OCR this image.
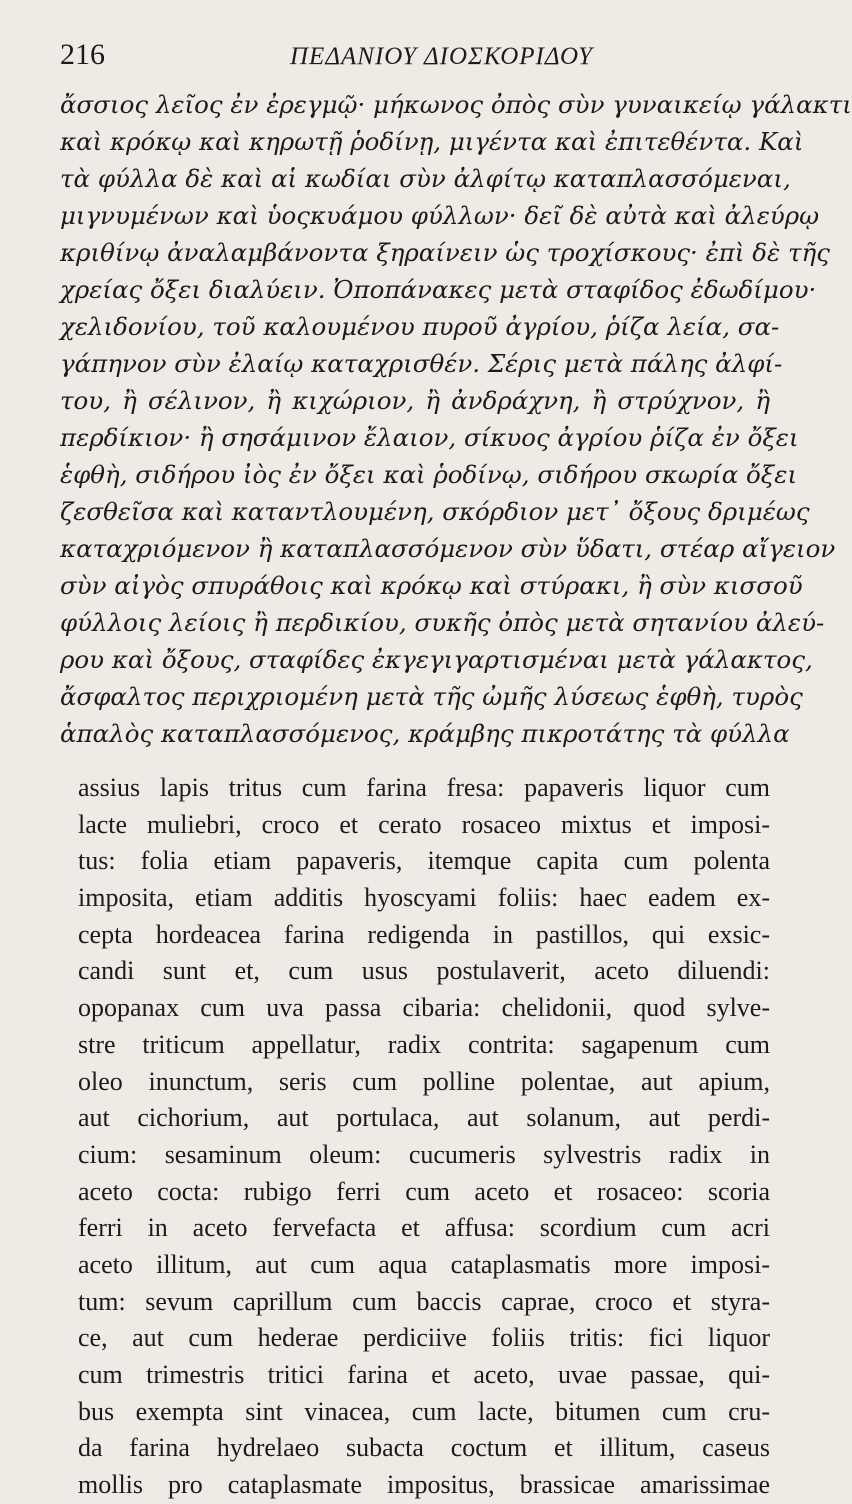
216	ΠΕΔΑΝΙΟΥ ΔΙΟΣΚΟΡΙΔΟΥ
ἄσσιος λεῖος ἐν ἐρεγμῷ· μήκωνος ὀπὸς σὺν γυναικείῳ γάλακτι
καὶ κρόκῳ καὶ κηρωτῇ ῥοδίνῃ, μιγέντα καὶ ἐπιτεθέντα. Καὶ
τὰ φύλλα δὲ καὶ αἱ κωδίαι σὺν ἀλφίτῳ καταπλασσόμεναι,
μιγνυμένων καὶ ὑοςκυάμου φύλλων· δεῖ δὲ αὐτὰ καὶ ἀλεύρῳ
κριθίνῳ ἀναλαμβάνοντα ξηραίνειν ὡς τροχίσκους· ἐπὶ δὲ τῆς
χρείας ὄξει διαλύειν. Ὀποπάνακες μετὰ σταφίδος ἐδωδίμου·
χελιδονίου, τοῦ καλουμένου πυροῦ ἀγρίου, ῥίζα λεία, σα-
γάπηνον σὺν ἐλαίῳ καταχρισθέν. Σέρις μετὰ πάλης ἀλφί-
του, ἢ σέλινον, ἢ κιχώριον, ἢ ἀνδράχνη, ἢ στρύχνον, ἢ
περδίκιον· ἢ σησάμινον ἔλαιον, σίκυος ἀγρίου ῥίζα ἐν ὄξει
ἑφθὴ, σιδήρου ἰὸς ἐν ὄξει καὶ ῥοδίνῳ, σιδήρου σκωρία ὄξει
ζεσθεῖσα καὶ καταντλουμένη, σκόρδιον μετ᾽ ὄξους δριμέως
καταχριόμενον ἢ καταπλασσόμενον σὺν ὕδατι, στέαρ αἴγειον
σὺν αἰγὸς σπυράθοις καὶ κρόκῳ καὶ στύρακι, ἢ σὺν κισσοῦ
φύλλοις λείοις ἢ περδικίου, συκῆς ὀπὸς μετὰ σητανίου ἀλεύ-
ρου καὶ ὄξους, σταφίδες ἐκγεγιγαρτισμέναι μετὰ γάλακτος,
ἄσφαλτος περιχριομένη μετὰ τῆς ὠμῆς λύσεως ἑφθὴ, τυρὸς
ἁπαλὸς καταπλασσόμενος, κράμβης πικροτάτης τὰ φύλλα
assius lapis tritus cum farina fresa: papaveris liquor cum
lacte muliebri, croco et cerato rosaceo mixtus et imposi-
tus: folia etiam papaveris, itemque capita cum polenta
imposita, etiam additis hyoscyami foliis: haec eadem ex-
cepta hordeacea farina redigenda in pastillos, qui exsic-
candi sunt et, cum usus postulaverit, aceto diluendi:
opopanax cum uva passa cibaria: chelidonii, quod sylve-
stre triticum appellatur, radix contrita: sagapenum cum
oleo inunctum, seris cum polline polentae, aut apium,
aut cichorium, aut portulaca, aut solanum, aut perdi-
cium: sesaminum oleum: cucumeris sylvestris radix in
aceto cocta: rubigo ferri cum aceto et rosaceo: scoria
ferri in aceto fervefacta et affusa: scordium cum acri
aceto illitum, aut cum aqua cataplasmatis more imposi-
tum: sevum caprillum cum baccis caprae, croco et styra-
ce, aut cum hederae perdiciive foliis tritis: fici liquor
cum trimestris tritici farina et aceto, uvae passae, qui-
bus exempta sint vinacea, cum lacte, bitumen cum cru-
da farina hydrelaeo subacta coctum et illitum, caseus
mollis pro cataplasmate impositus, brassicae amarissimae
